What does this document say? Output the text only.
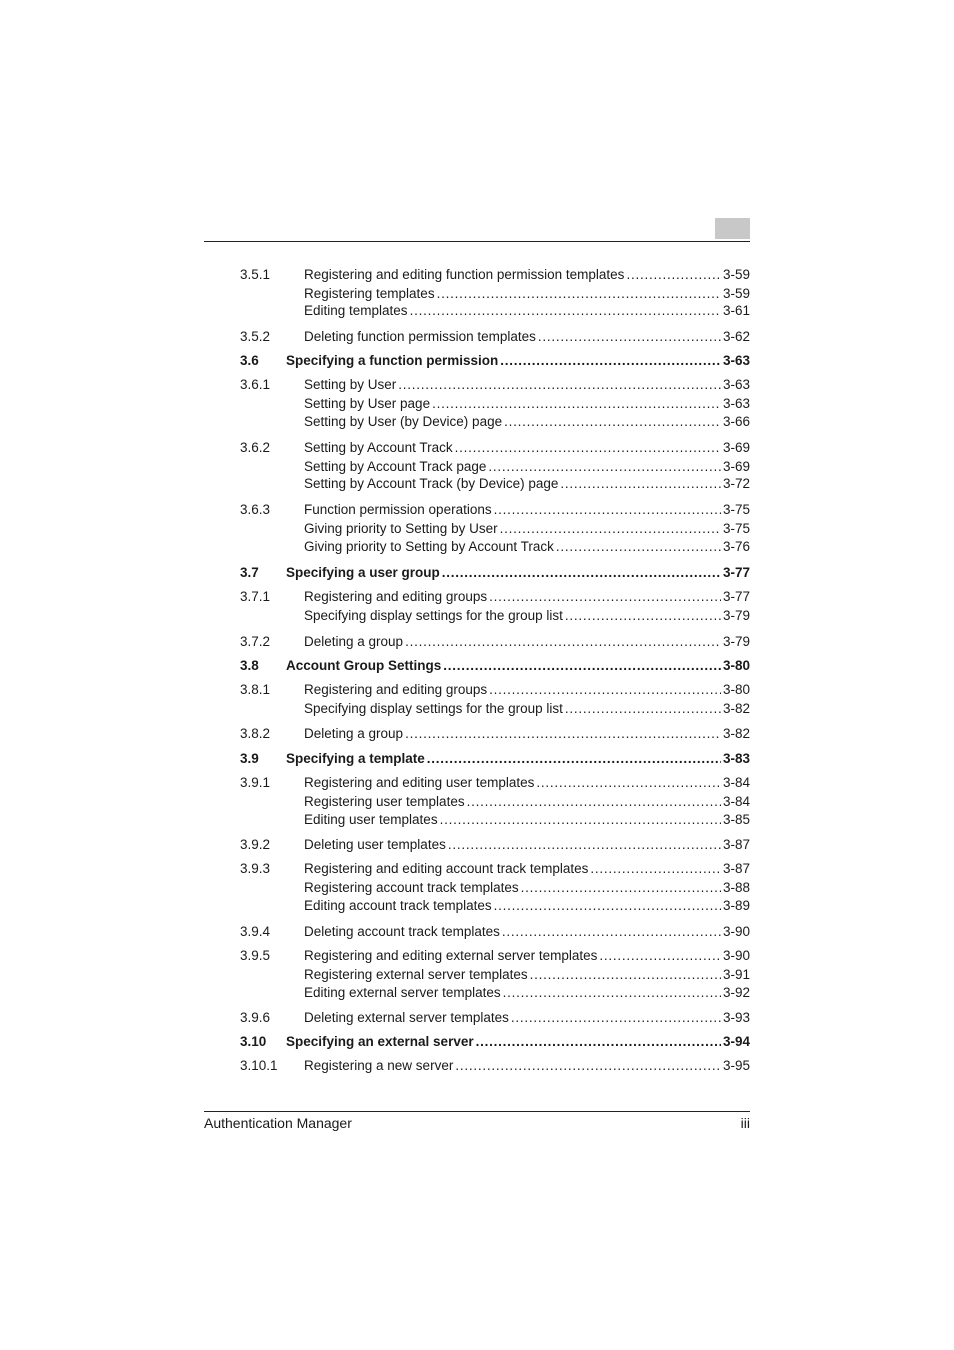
3.5.1	Registering and editing function permission templates . . .	3-59
Registering templates . . .	3-59
Editing templates . . .	3-61
3.5.2	Deleting function permission templates . . .	3-62
3.6 Specifying a function permission . . .	3-63
3.6.1	Setting by User . . .	3-63
Setting by User page . . .	3-63
Setting by User (by Device) page . . .	3-66
3.6.2	Setting by Account Track . . .	3-69
Setting by Account Track page . . .	3-69
Setting by Account Track (by Device) page . . .	3-72
3.6.3	Function permission operations . . .	3-75
Giving priority to Setting by User . . .	3-75
Giving priority to Setting by Account Track . . .	3-76
3.7 Specifying a user group . . .	3-77
3.7.1	Registering and editing groups . . .	3-77
Specifying display settings for the group list . . .	3-79
3.7.2	Deleting a group . . .	3-79
3.8 Account Group Settings . . .	3-80
3.8.1	Registering and editing groups . . .	3-80
Specifying display settings for the group list . . .	3-82
3.8.2	Deleting a group . . .	3-82
3.9 Specifying a template . . .	3-83
3.9.1	Registering and editing user templates . . .	3-84
Registering user templates . . .	3-84
Editing user templates . . .	3-85
3.9.2	Deleting user templates . . .	3-87
3.9.3	Registering and editing account track templates . . .	3-87
Registering account track templates . . .	3-88
Editing account track templates . . .	3-89
3.9.4	Deleting account track templates . . .	3-90
3.9.5	Registering and editing external server templates . . .	3-90
Registering external server templates . . .	3-91
Editing external server templates . . .	3-92
3.9.6	Deleting external server templates . . .	3-93
3.10 Specifying an external server . . .	3-94
3.10.1 Registering a new server . . .	3-95
Authentication Manager	iii
